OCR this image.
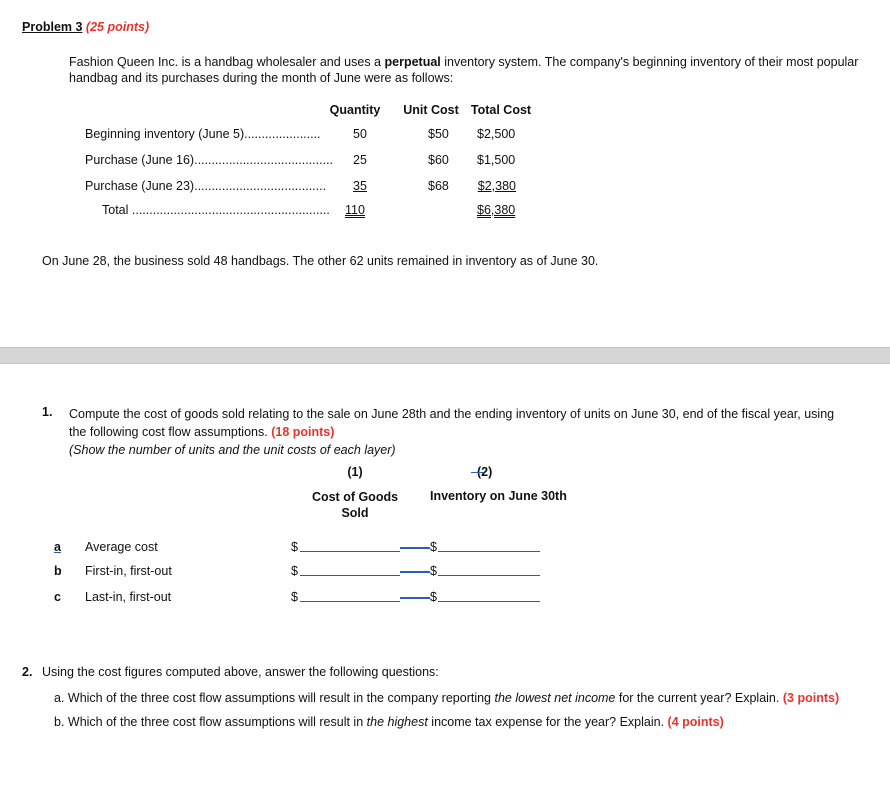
Problem 3 (25 points)
Fashion Queen Inc. is a handbag wholesaler and uses a perpetual inventory system. The company's beginning inventory of their most popular
handbag and its purchases during the month of June were as follows:
Quantity	Unit Cost Total Cost
Beginning inventory (June 5)......................	50	$50 $2,500
Purchase (June 16)........................................	25	$60 $1,500
Purchase (June 23)......................................	35	$68	$2,380
Total .........................................................	110	$6,380
On June 28, the business sold 48 handbags. The other 62 units remained in inventory as of June 30.
1. Compute the cost of goods sold relating to the sale on June 28th and the ending inventory of units on June 30, end of the fiscal year, using
the following cost flow assumptions. (18 points)
(Show the number of units and the unit costs of each layer)
(1)	(2)
Cost of Goods
Sold
Inventory on June 30th
a Average cost	$	$
b First-in, first-out	$	$
c Last-in, first-out	$	$
2. Using the cost figures computed above, answer the following questions:
a. Which of the three cost flow assumptions will result in the company reporting the lowest net income for the current year? Explain. (3 points)
b. Which of the three cost flow assumptions will result in the highest income tax expense for the year? Explain. (4 points)
